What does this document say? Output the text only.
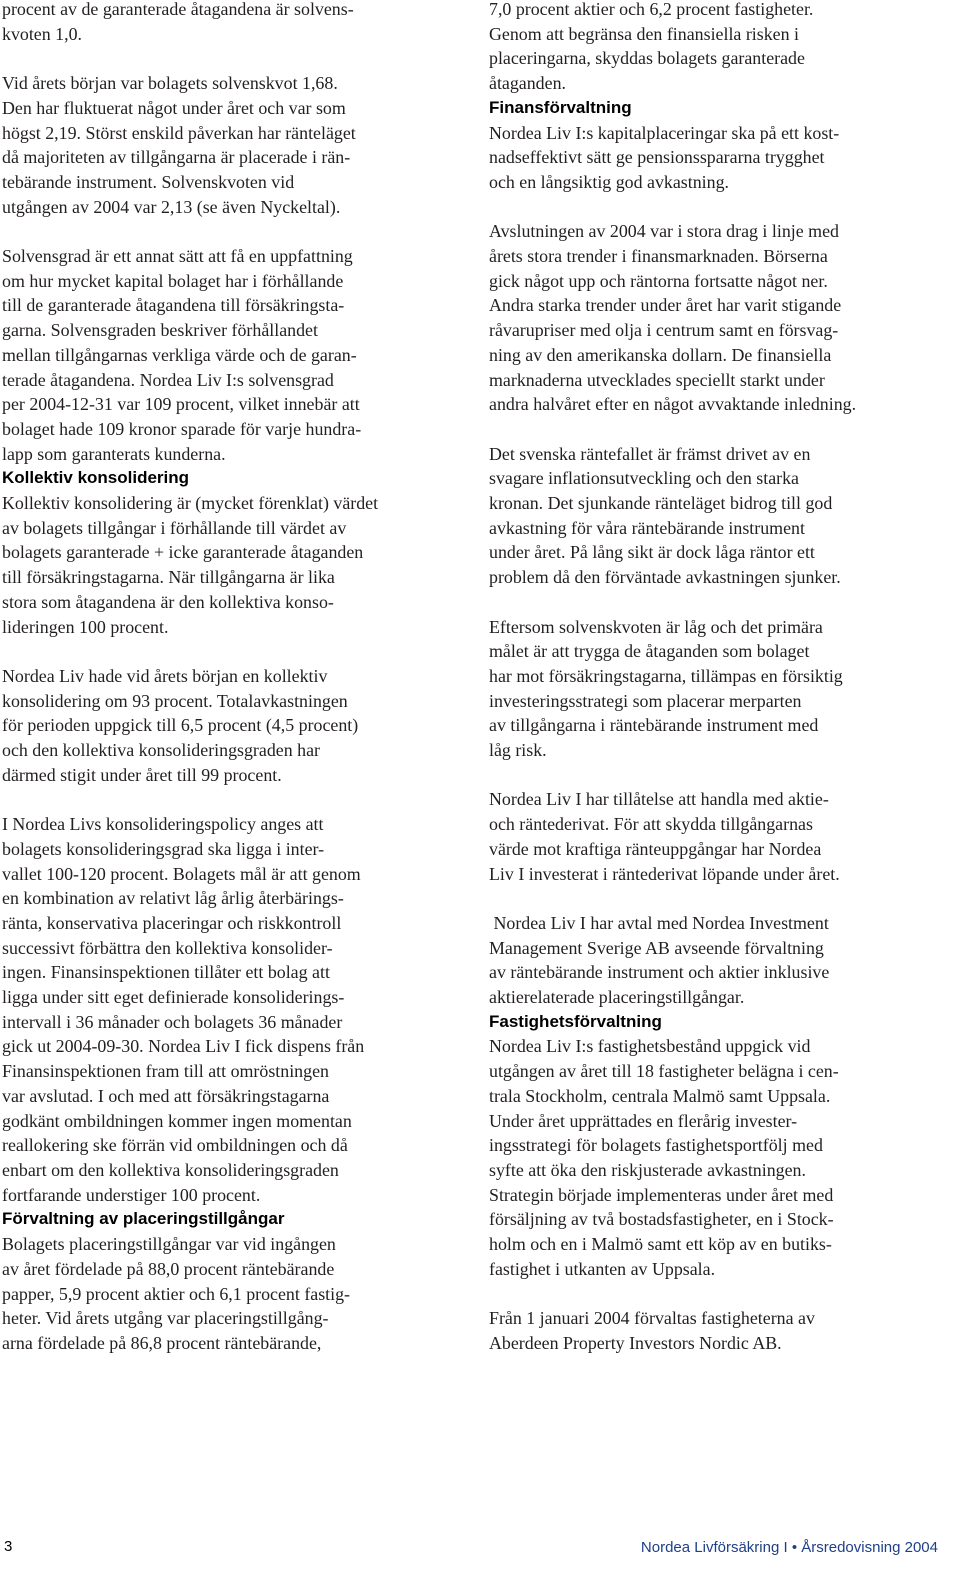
procent av de garanterade åtagandena är solvens-
kvoten 1,0.

Vid årets början var bolagets solvenskvot 1,68.
Den har fluktuerat något under året och var som
högst 2,19. Störst enskild påverkan har ränteläget
då majoriteten av tillgångarna är placerade i rän-
tebärande instrument. Solvenskvoten vid
utgången av 2004 var 2,13 (se även Nyckeltal).

Solvensgrad är ett annat sätt att få en uppfattning
om hur mycket kapital bolaget har i förhållande
till de garanterade åtagandena till försäkringsta-
garna. Solvensgraden beskriver förhållandet
mellan tillgångarnas verkliga värde och de garan-
terade åtagandena. Nordea Liv I:s solvensgrad
per 2004-12-31 var 109 procent, vilket innebär att
bolaget hade 109 kronor sparade för varje hundra-
lapp som garanterats kunderna.

Kollektiv konsolidering

Kollektiv konsolidering är (mycket förenklat) värdet
av bolagets tillgångar i förhållande till värdet av
bolagets garanterade + icke garanterade åtaganden
till försäkringstagarna. När tillgångarna är lika
stora som åtagandena är den kollektiva konso-
lideringen 100 procent.

Nordea Liv hade vid årets början en kollektiv
konsolidering om 93 procent. Totalavkastningen
för perioden uppgick till 6,5 procent (4,5 procent)
och den kollektiva konsolideringsgraden har
därmed stigit under året till 99 procent.

I Nordea Livs konsolideringspolicy anges att
bolagets konsolideringsgrad ska ligga i inter-
vallet 100-120 procent. Bolagets mål är att genom
en kombination av relativt låg årlig återbärings-
ränta, konservativa placeringar och riskkontroll
successivt förbättra den kollektiva konsolider-
ingen. Finansinspektionen tillåter ett bolag att
ligga under sitt eget definierade konsoliderings-
intervall i 36 månader och bolagets 36 månader
gick ut 2004-09-30. Nordea Liv I fick dispens från
Finansinspektionen fram till att omröstningen
var avslutad. I och med att försäkringstagarna
godkänt ombildningen kommer ingen momentan
reallokering ske förrän vid ombildningen och då
enbart om den kollektiva konsolideringsgraden
fortfarande understiger 100 procent.

Förvaltning av placeringstillgångar

Bolagets placeringstillgångar var vid ingången
av året fördelade på 88,0 procent räntebärande
papper, 5,9 procent aktier och 6,1 procent fastig-
heter. Vid årets utgång var placeringstillgång-
arna fördelade på 86,8 procent räntebärande,

7,0 procent aktier och 6,2 procent fastigheter.
Genom att begränsa den finansiella risken i
placeringarna, skyddas bolagets garanterade
åtaganden.

Finansförvaltning

Nordea Liv I:s kapitalplaceringar ska på ett kost-
nadseffektivt sätt ge pensionsspararna trygghet
och en långsiktig god avkastning.

Avslutningen av 2004 var i stora drag i linje med
årets stora trender i finansmarknaden. Börserna
gick något upp och räntorna fortsatte något ner.
Andra starka trender under året har varit stigande
råvarupriser med olja i centrum samt en försvag-
ning av den amerikanska dollarn. De finansiella
marknaderna utvecklades speciellt starkt under
andra halvåret efter en något avvaktande inledning.

Det svenska räntefallet är främst drivet av en
svagare inflationsutveckling och den starka
kronan. Det sjunkande ränteläget bidrog till god
avkastning för våra räntebärande instrument
under året. På lång sikt är dock låga räntor ett
problem då den förväntade avkastningen sjunker.

Eftersom solvenskvoten är låg och det primära
målet är att trygga de åtaganden som bolaget
har mot försäkringstagarna, tillämpas en försiktig
investeringsstrategi som placerar merparten
av tillgångarna i räntebärande instrument med
låg risk.

Nordea Liv I har tillåtelse att handla med aktie-
och räntederivat. För att skydda tillgångarnas
värde mot kraftiga ränteuppgångar har Nordea
Liv I investerat i räntederivat löpande under året.

Nordea Liv I har avtal med Nordea Investment
Management Sverige AB avseende förvaltning
av räntebärande instrument och aktier inklusive
aktierelaterade placeringstillgångar.

Fastighetsförvaltning

Nordea Liv I:s fastighetsbestånd uppgick vid
utgången av året till 18 fastigheter belägna i cen-
trala Stockholm, centrala Malmö samt Uppsala.
Under året upprättades en flerårig invester-
ingsstrategi för bolagets fastighetsportfölj med
syfte att öka den riskjusterade avkastningen.
Strategin började implementeras under året med
försäljning av två bostadsfastigheter, en i Stock-
holm och en i Malmö samt ett köp av en butiks-
fastighet i utkanten av Uppsala.

Från 1 januari 2004 förvaltas fastigheterna av
Aberdeen Property Investors Nordic AB.

3	Nordea Livförsäkring I • Årsredovisning 2004
